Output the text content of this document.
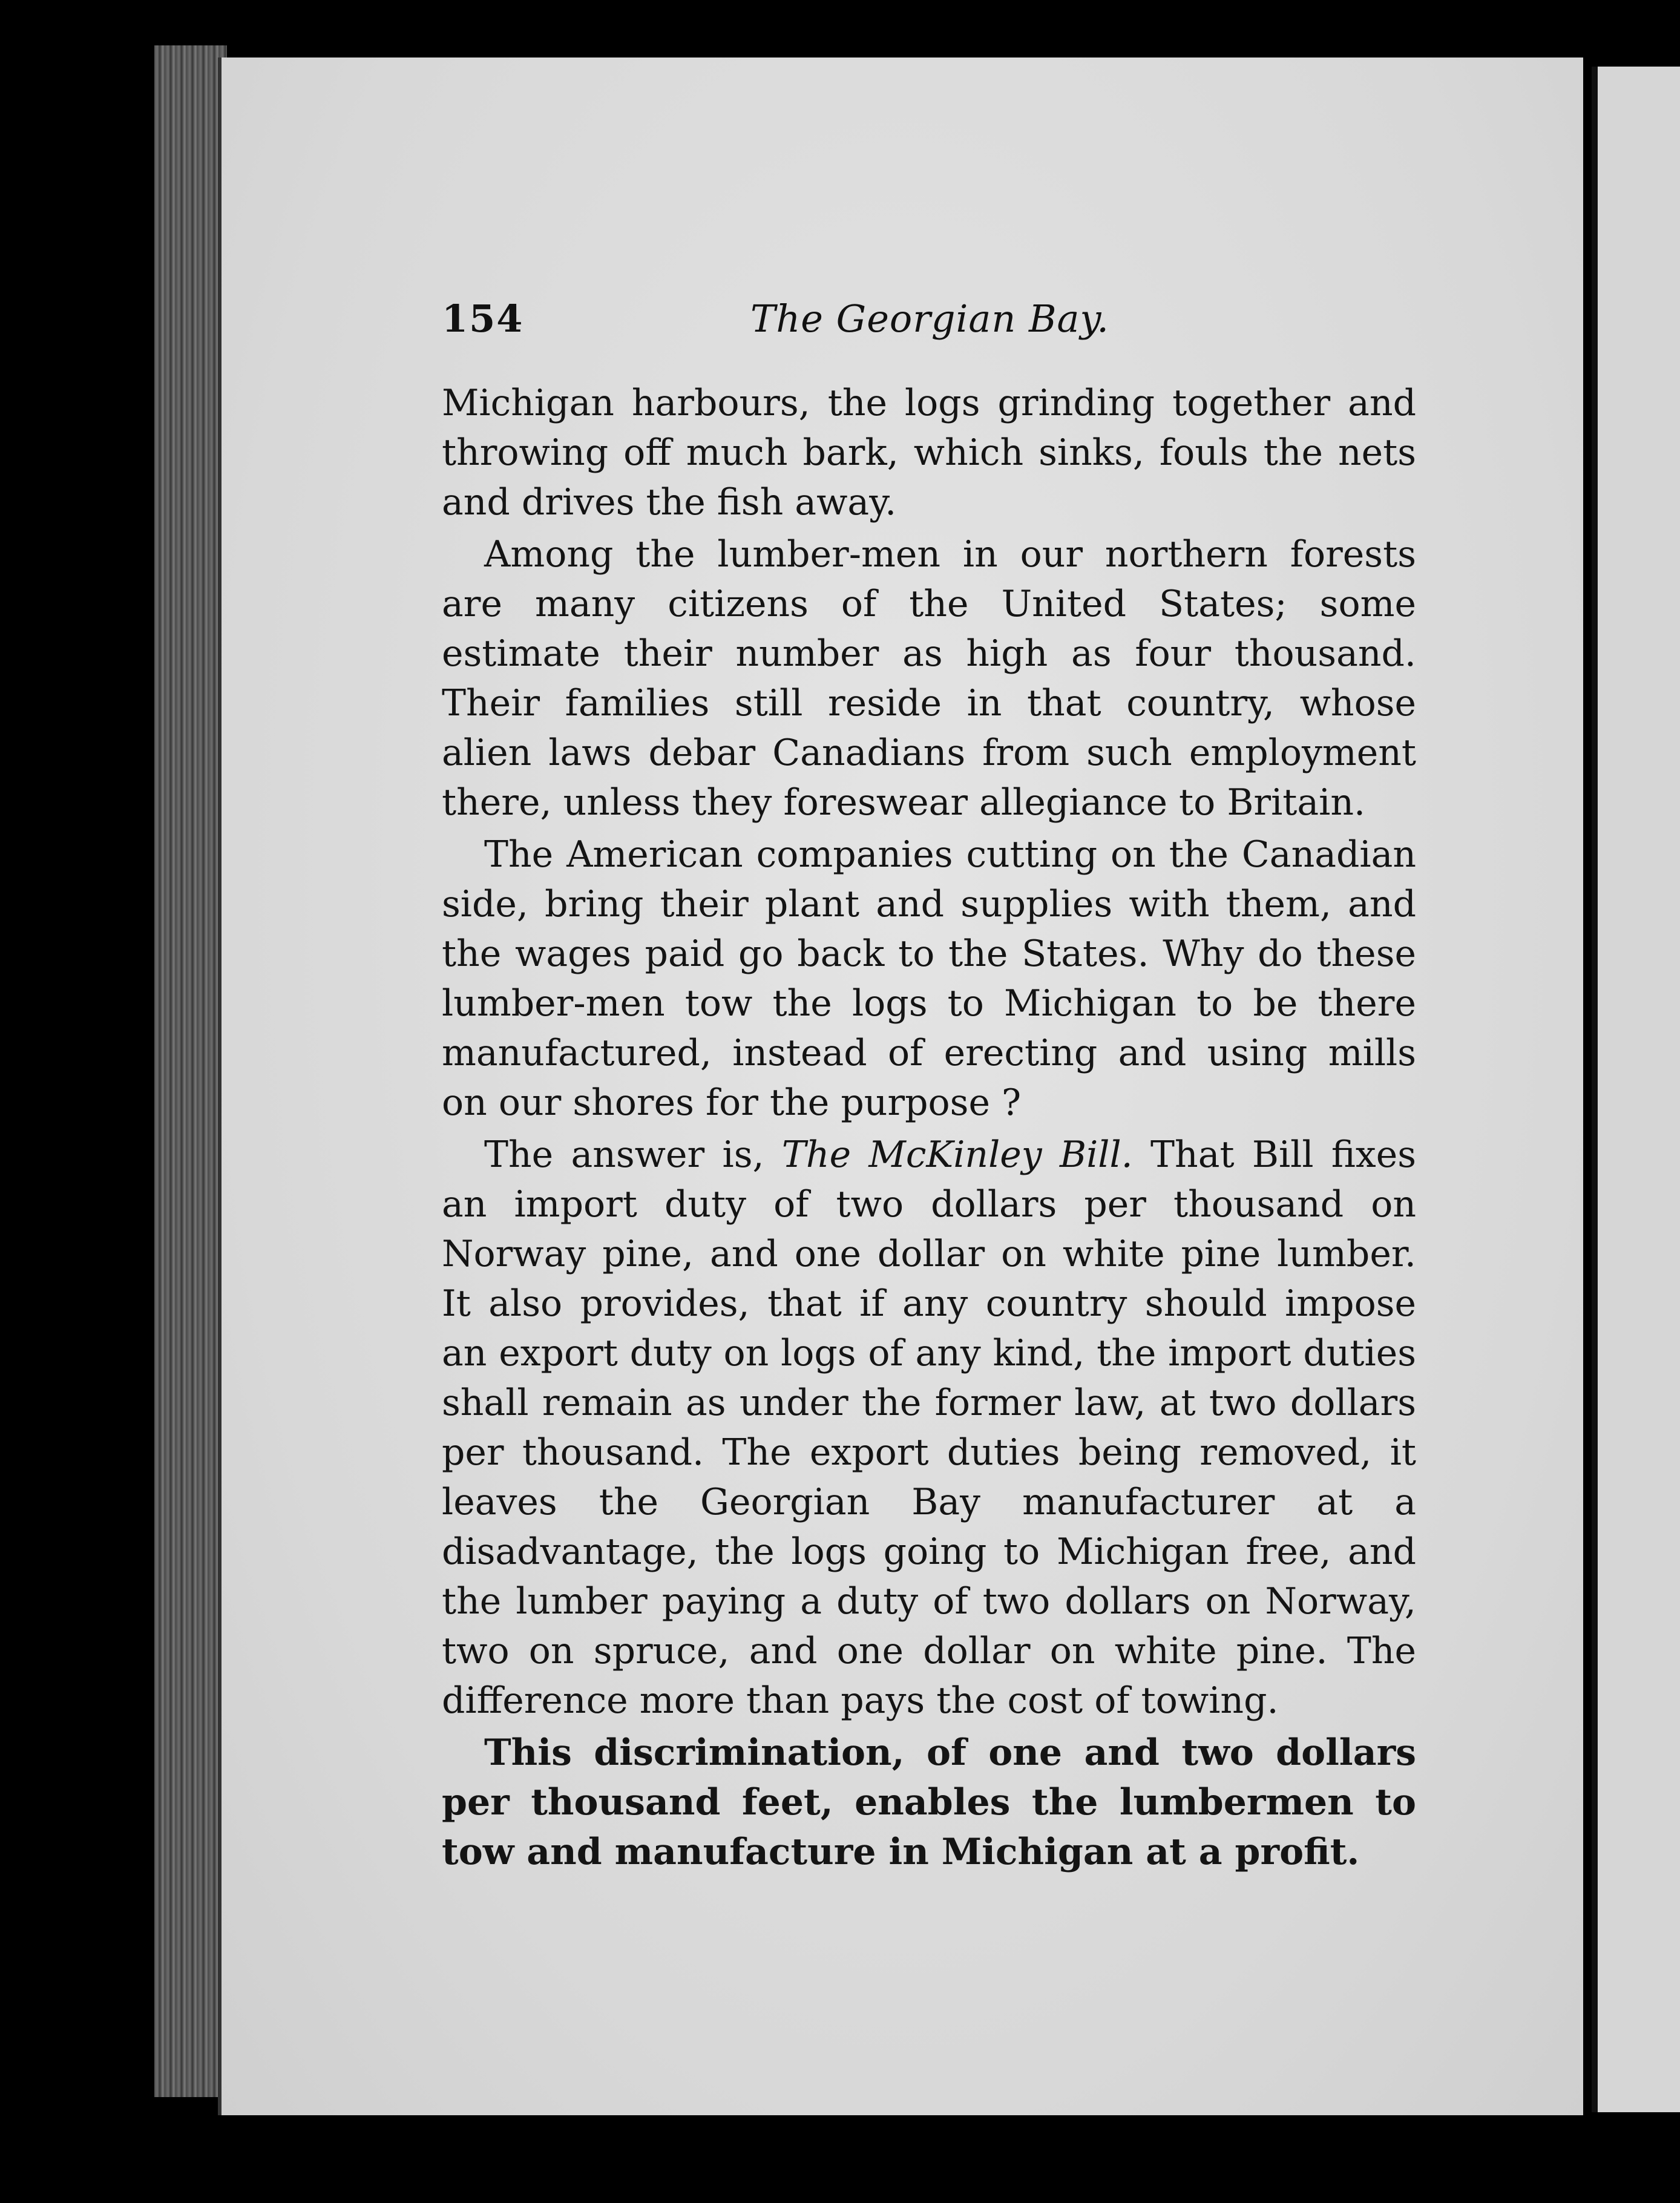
154	The Georgian Bay.

Michigan harbours, the logs grinding together and throwing off much bark, which sinks, fouls the nets and drives the fish away.

Among the lumber-men in our northern forests are many citizens of the United States; some estimate their number as high as four thousand. Their families still reside in that country, whose alien laws debar Canadians from such employment there, unless they foreswear allegiance to Britain.

The American companies cutting on the Canadian side, bring their plant and supplies with them, and the wages paid go back to the States. Why do these lumber-men tow the logs to Michigan to be there manufactured, instead of erecting and using mills on our shores for the purpose ?

The answer is, The McKinley Bill. That Bill fixes an import duty of two dollars per thousand on Norway pine, and one dollar on white pine lumber. It also provides, that if any country should impose an export duty on logs of any kind, the import duties shall remain as under the former law, at two dollars per thousand. The export duties being removed, it leaves the Georgian Bay manufacturer at a disadvantage, the logs going to Michigan free, and the lumber paying a duty of two dollars on Norway, two on spruce, and one dollar on white pine. The difference more than pays the cost of towing.

This discrimination, of one and two dollars per thousand feet, enables the lumbermen to tow and manufacture in Michigan at a profit.
